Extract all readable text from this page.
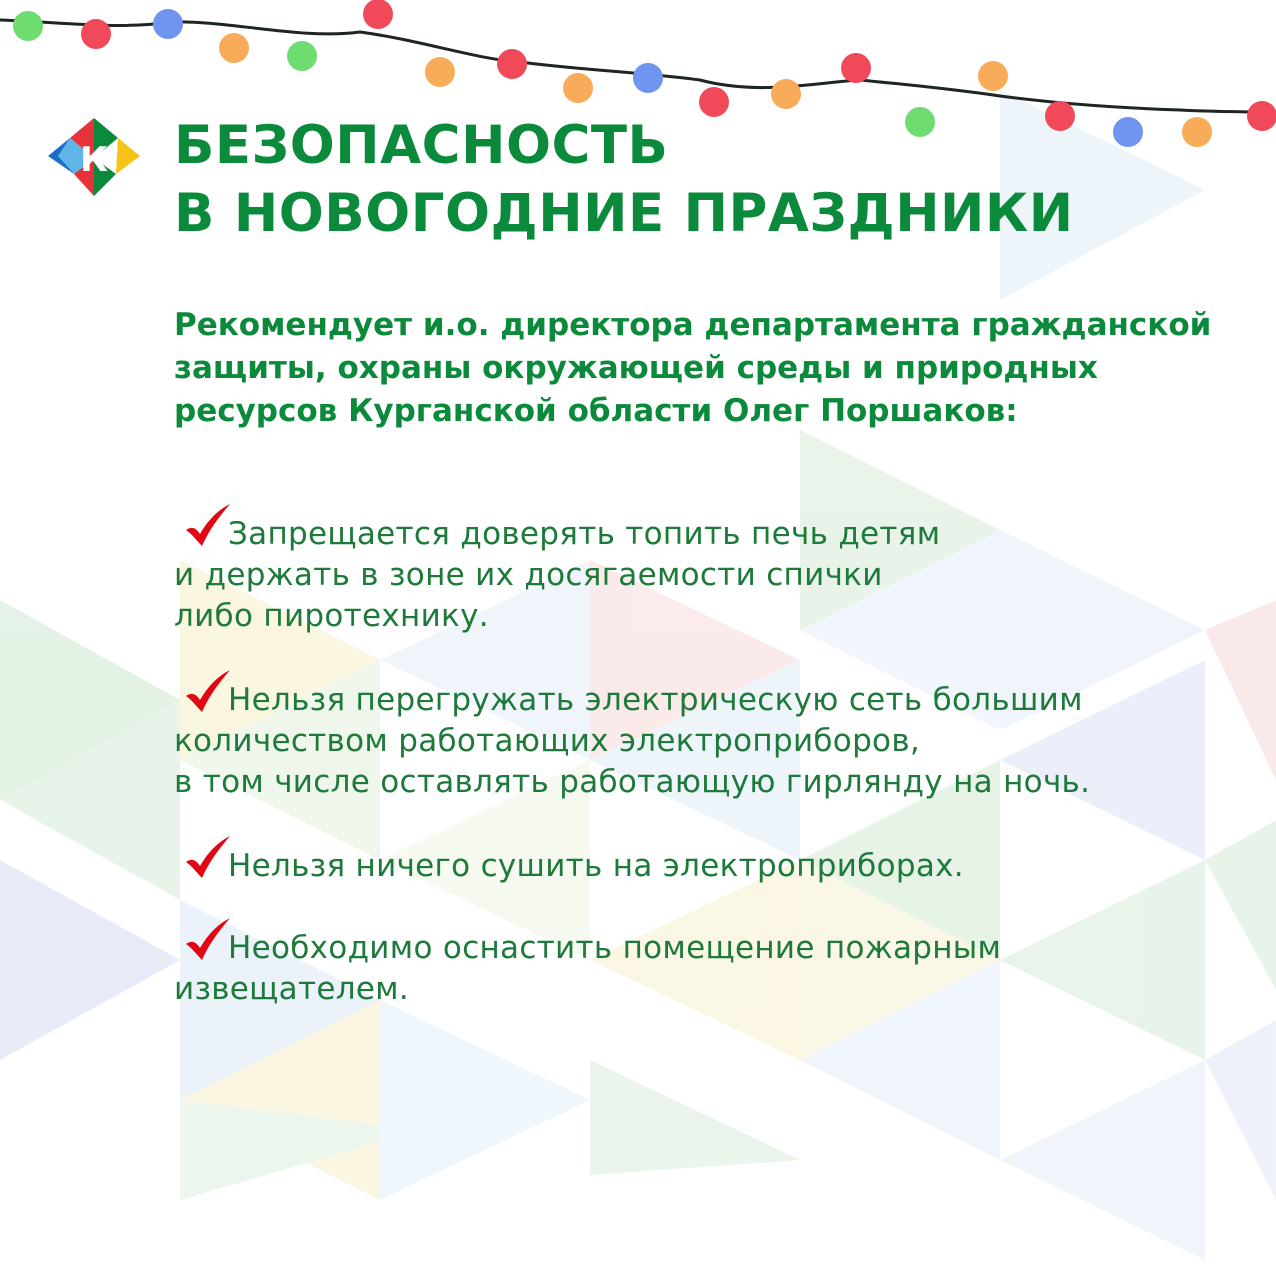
К БЕЗОПАСНОСТЬ
В НОВОГОДНИЕ ПРАЗДНИКИ

Рекомендует и.о. директора департамента гражданской
защиты, охраны окружающей среды и природных
ресурсов Курганской области Олег Поршаков:

Запрещается доверять топить печь детям
и держать в зоне их досягаемости спички
либо пиротехнику.
Нельзя перегружать электрическую сеть большим
количеством работающих электроприборов,
в том числе оставлять работающую гирлянду на ночь.
Нельзя ничего сушить на электроприборах.
Необходимо оснастить помещение пожарным
извещателем.
